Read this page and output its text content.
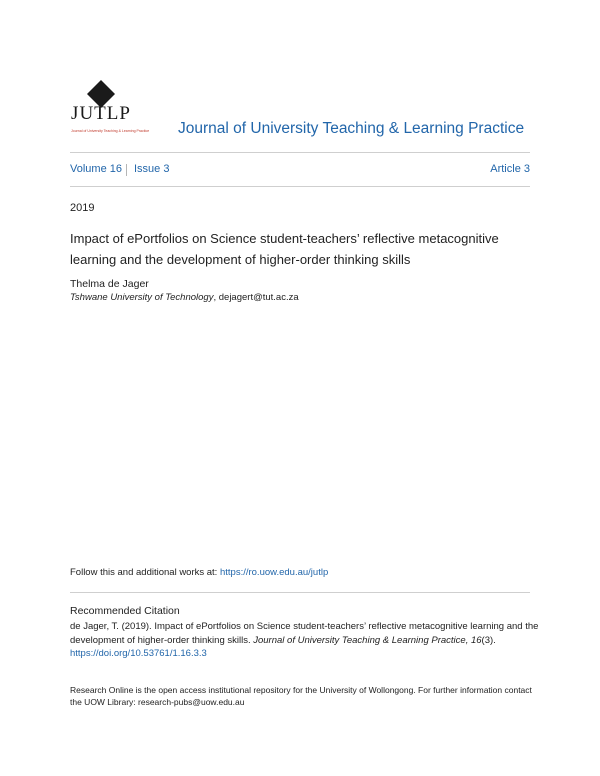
JUTLP
Journal of University Teaching & Learning Practice Journal of University Teaching & Learning Practice
Volume 16 Issue 3	Article 3
2019
Impact of ePortfolios on Science student-teachers’ reflective metacognitive learning and the development of higher-order thinking skills
Thelma de Jager
Tshwane University of Technology, dejagert@tut.ac.za
Follow this and additional works at: https://ro.uow.edu.au/jutlp
Recommended Citation
de Jager, T. (2019). Impact of ePortfolios on Science student-teachers’ reflective metacognitive learning and the development of higher-order thinking skills. Journal of University Teaching & Learning Practice, 16(3). https://doi.org/10.53761/1.16.3.3
Research Online is the open access institutional repository for the University of Wollongong. For further information contact the UOW Library: research-pubs@uow.edu.au
